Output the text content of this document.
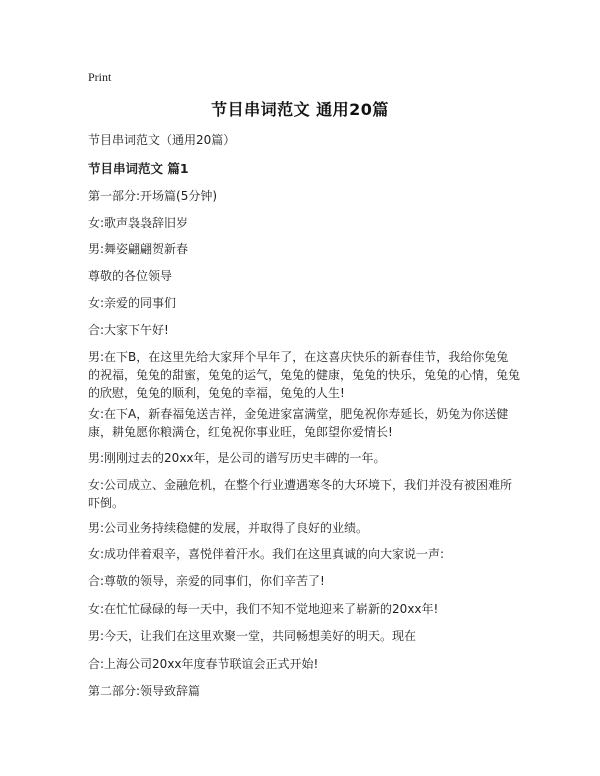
Print
节目串词范文 通用20篇
节目串词范文（通用20篇）
节目串词范文 篇1
第一部分:开场篇(5分钟)
女:歌声袅袅辞旧岁
男:舞姿翩翩贺新春
尊敬的各位领导
女:亲爱的同事们
合:大家下午好!
男:在下B，在这里先给大家拜个早年了，在这喜庆快乐的新春佳节，我给你兔兔的祝福，兔兔的甜蜜，兔兔的运气，兔兔的健康，兔兔的快乐，兔兔的心情，兔兔的欣慰，兔兔的顺利，兔兔的幸福，兔兔的人生!
女:在下A，新春福兔送吉祥，金兔进家富满堂，肥兔祝你寿延长，奶兔为你送健康，耕兔愿你粮满仓，红兔祝你事业旺，兔郎望你爱情长!
男:刚刚过去的20xx年，是公司的谱写历史丰碑的一年。
女:公司成立、金融危机，在整个行业遭遇寒冬的大环境下，我们并没有被困难所吓倒。
男:公司业务持续稳健的发展，并取得了良好的业绩。
女:成功伴着艰辛，喜悦伴着汗水。我们在这里真诚的向大家说一声:
合:尊敬的领导，亲爱的同事们，你们辛苦了!
女:在忙忙碌碌的每一天中，我们不知不觉地迎来了崭新的20xx年!
男:今天，让我们在这里欢聚一堂，共同畅想美好的明天。现在
合:上海公司20xx年度春节联谊会正式开始!
第二部分:领导致辞篇
